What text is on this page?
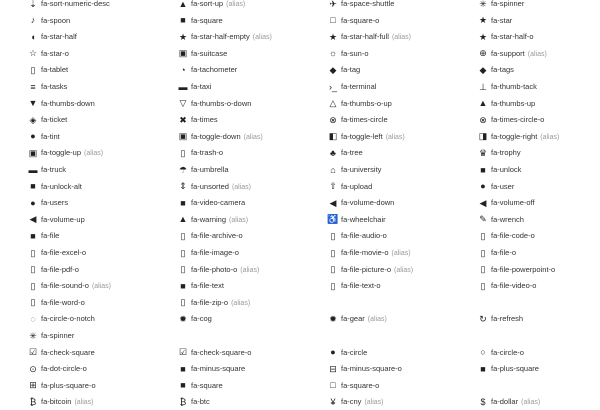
⇣ fa-sort-numeric-desc	▲ fa-sort-up (alias)	✈ fa-space-shuttle	✳ fa-spinner
♪ fa-spoon	■ fa-square	□ fa-square-o	★ fa-star
◖ fa-star-half	★ fa-star-half-empty (alias)	★ fa-star-half-full (alias)	★ fa-star-half-o
☆ fa-star-o	▣ fa-suitcase	☼ fa-sun-o	⊕ fa-support (alias)
▯ fa-tablet	◔ fa-tachometer	◆ fa-tag	◆ fa-tags
≡ fa-tasks	▬ fa-taxi	›_ fa-terminal	⊥ fa-thumb-tack
▼ fa-thumbs-down	▽ fa-thumbs-o-down	△ fa-thumbs-o-up	▲ fa-thumbs-up
◈ fa-ticket	✖ fa-times	⊗ fa-times-circle	⊗ fa-times-circle-o
● fa-tint	▣ fa-toggle-down (alias)	◧ fa-toggle-left (alias)	◨ fa-toggle-right (alias)
▣ fa-toggle-up (alias)	▯ fa-trash-o	♣ fa-tree	♛ fa-trophy
▬ fa-truck	☂ fa-umbrella	⌂ fa-university	■ fa-unlock
■ fa-unlock-alt	⇕ fa-unsorted (alias)	⇧ fa-upload	● fa-user
● fa-users	■ fa-video-camera	◀ fa-volume-down	◀ fa-volume-off
◀ fa-volume-up	▲ fa-warning (alias)	♿ fa-wheelchair	✎ fa-wrench
■ fa-file	▯ fa-file-archive-o	▯ fa-file-audio-o	▯ fa-file-code-o
▯ fa-file-excel-o	▯ fa-file-image-o	▯ fa-file-movie-o (alias)	▯ fa-file-o
▯ fa-file-pdf-o	▯ fa-file-photo-o (alias)	▯ fa-file-picture-o (alias)	▯ fa-file-powerpoint-o
▯ fa-file-sound-o (alias)	■ fa-file-text	▯ fa-file-text-o	▯ fa-file-video-o
▯ fa-file-word-o	▯ fa-file-zip-o (alias)
◌ fa-circle-o-notch	✹ fa-cog	✹ fa-gear (alias)	↻ fa-refresh
✳ fa-spinner
☑ fa-check-square	☑ fa-check-square-o	● fa-circle	○ fa-circle-o
⊙ fa-dot-circle-o	■ fa-minus-square	⊟ fa-minus-square-o	■ fa-plus-square
⊞ fa-plus-square-o	■ fa-square	□ fa-square-o
₿ fa-bitcoin (alias)	₿ fa-btc	¥ fa-cny (alias)	$ fa-dollar (alias)
